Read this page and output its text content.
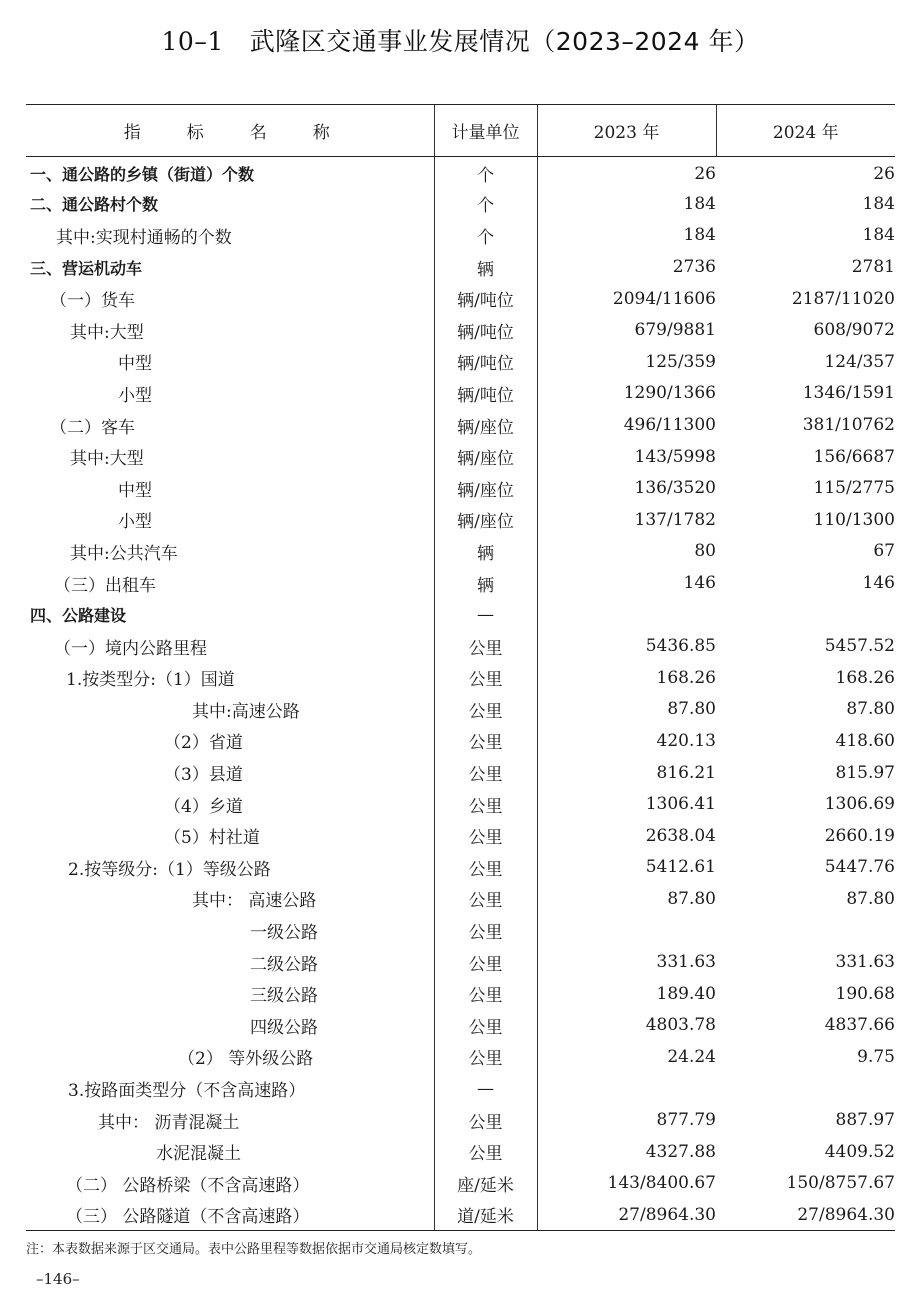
10–1 武隆区交通事业发展情况（2023–2024 年）
指标名称	计量单位	2023 年	2024 年
一、通公路的乡镇（街道）个数	个	26	26
二、通公路村个数	个	184	184
其中:实现村通畅的个数	个	184	184
三、营运机动车	辆	2736	2781
（一）货车	辆/吨位	2094/11606	2187/11020
其中:大型	辆/吨位	679/9881	608/9072
中型	辆/吨位	125/359	124/357
小型	辆/吨位	1290/1366	1346/1591
（二）客车	辆/座位	496/11300	381/10762
其中:大型	辆/座位	143/5998	156/6687
中型	辆/座位	136/3520	115/2775
小型	辆/座位	137/1782	110/1300
其中:公共汽车	辆	80	67
（三）出租车	辆	146	146
四、公路建设	—		
（一）境内公路里程	公里	5436.85	5457.52
1.按类型分:（1）国道	公里	168.26	168.26
其中:高速公路	公里	87.80	87.80
（2）省道	公里	420.13	418.60
（3）县道	公里	816.21	815.97
（4）乡道	公里	1306.41	1306.69
（5）村社道	公里	2638.04	2660.19
2.按等级分:（1）等级公路	公里	5412.61	5447.76
其中： 高速公路	公里	87.80	87.80
一级公路	公里		
二级公路	公里	331.63	331.63
三级公路	公里	189.40	190.68
四级公路	公里	4803.78	4837.66
（2） 等外级公路	公里	24.24	9.75
3.按路面类型分（不含高速路）	—		
其中： 沥青混凝土	公里	877.79	887.97
水泥混凝土	公里	4327.88	4409.52
（二） 公路桥梁（不含高速路）	座/延米	143/8400.67	150/8757.67
（三） 公路隧道（不含高速路）	道/延米	27/8964.30	27/8964.30
注：本表数据来源于区交通局。表中公路里程等数据依据市交通局核定数填写。
–146–
